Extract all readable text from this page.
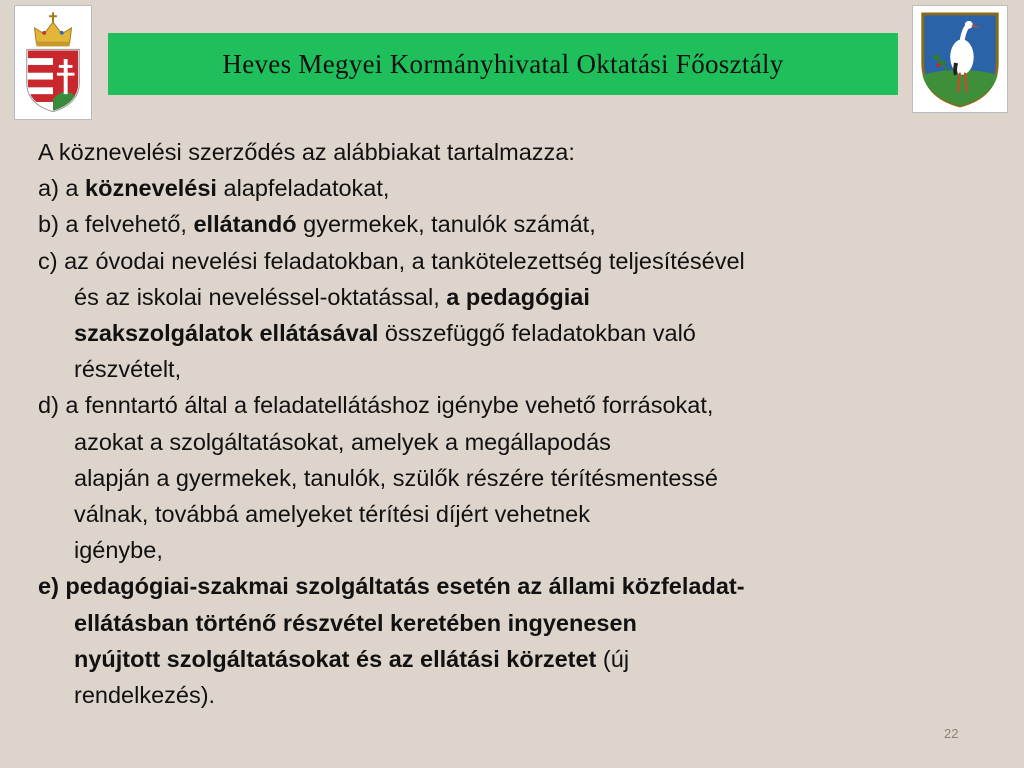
Heves Megyei Kormányhivatal Oktatási Főosztály
A köznevelési szerződés az alábbiakat tartalmazza:
a) a köznevelési alapfeladatokat,
b) a felvehető, ellátandó gyermekek, tanulók számát,
c) az óvodai nevelési feladatokban, a tankötelezettség teljesítésével
és az iskolai neveléssel-oktatással, a pedagógiai
szakszolgálatok ellátásával összefüggő feladatokban való
részvételt,
d) a fenntartó által a feladatellátáshoz igénybe vehető forrásokat,
azokat a szolgáltatásokat, amelyek a megállapodás
alapján a gyermekek, tanulók, szülők részére térítésmentessé
válnak, továbbá amelyeket térítési díjért vehetnek
igénybe,
e) pedagógiai-szakmai szolgáltatás esetén az állami közfeladat-
ellátásban történő részvétel keretében ingyenesen
nyújtott szolgáltatásokat és az ellátási körzetet (új
rendelkezés).
22
